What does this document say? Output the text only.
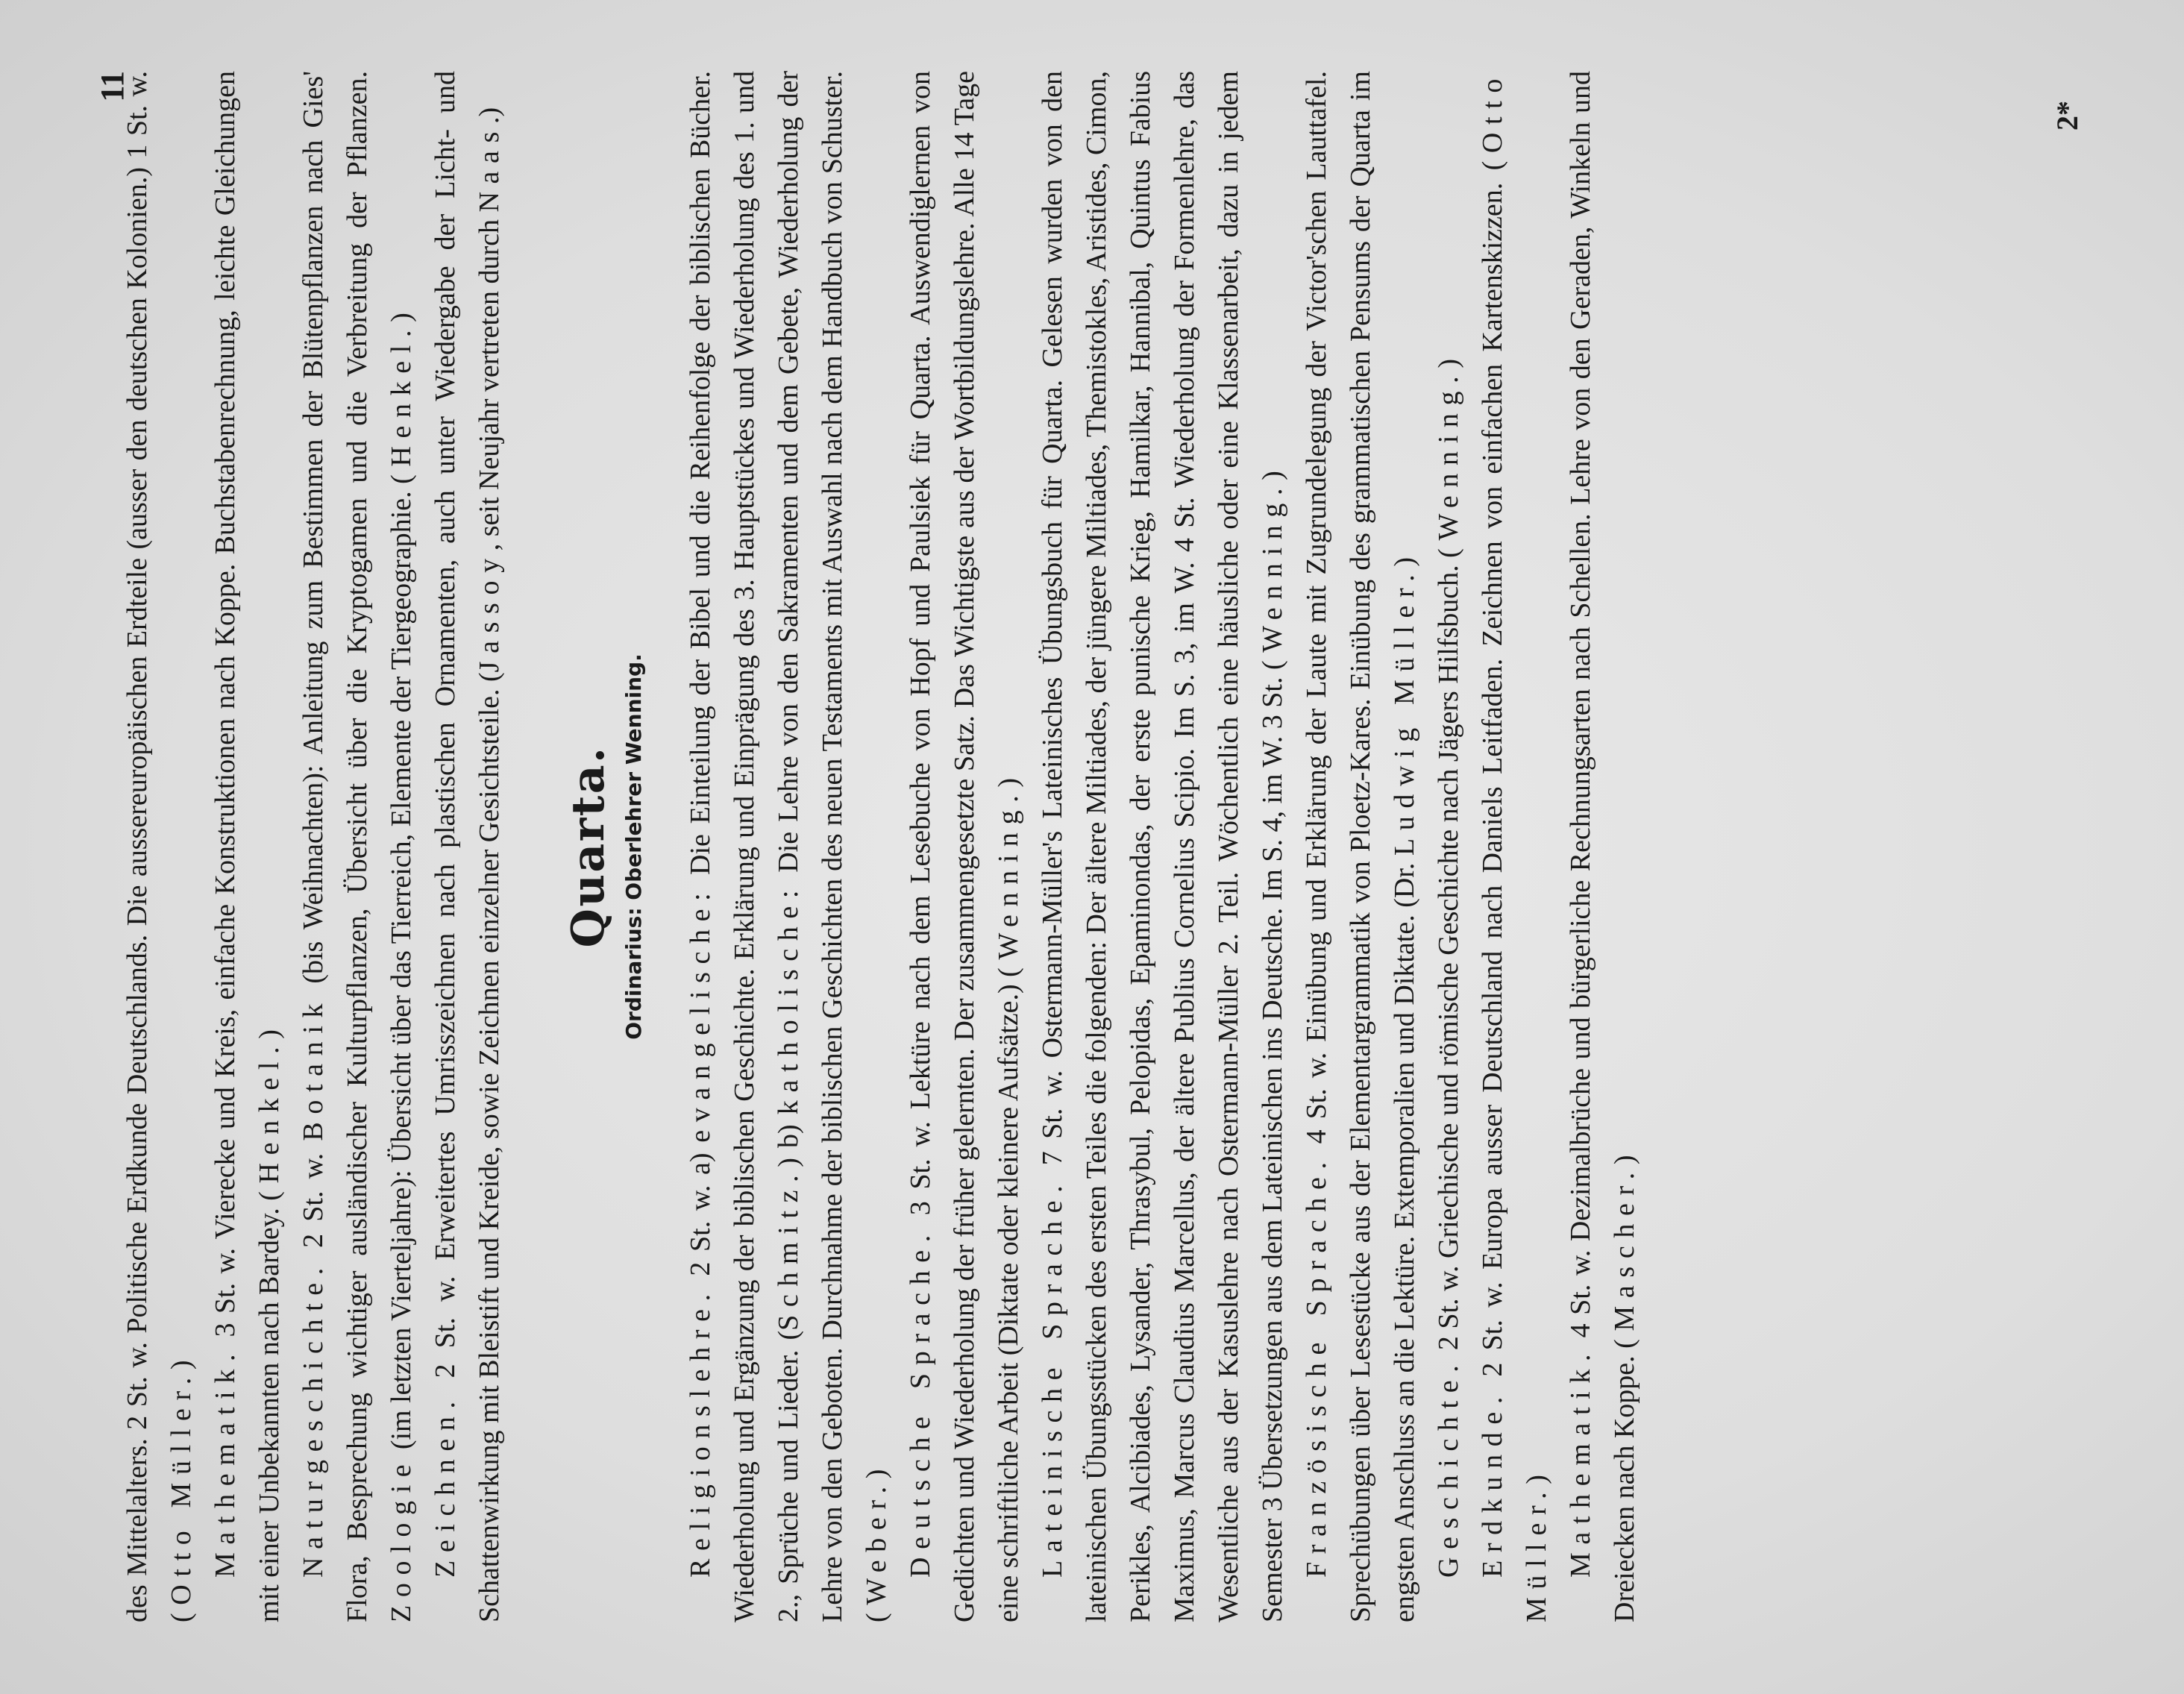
11

des Mittelalters. 2 St. w. Politische Erdkunde Deutschlands. Die aussereuropäischen Erdteile (ausser den deutschen Kolonien.) 1 St. w. (Otto Müller.) Mathematik. 3 St. w. Vierecke und Kreis, einfache Konstruktionen nach Koppe. Buchstabenrechnung, leichte Gleichungen mit einer Unbekannten nach Bardey. (Henkel.)

Naturgeschichte. 2 St. w. Botanik (bis Weihnachten): Anleitung zum Bestimmen der Blütenpflanzen nach Gies' Flora, Besprechung wichtiger ausländischer Kulturpflanzen, Übersicht über die Kryptogamen und die Verbreitung der Pflanzen. Zoologie (im letzten Vierteljahre): Übersicht über das Tierreich, Elemente der Tiergeographie. (Henkel.)

Zeichnen. 2 St. w. Erweitertes Umrisszeichnen nach plastischen Ornamenten, auch unter Wiedergabe der Licht- und Schattenwirkung mit Bleistift und Kreide, sowie Zeichnen einzelner Gesichtsteile. (Jassoy, seit Neujahr vertreten durch Naas.)

Quarta. Ordinarius: Oberlehrer Wenning.

Religionslehre. 2 St. w. a) evangelische: Die Einteilung der Bibel und die Reihenfolge der biblischen Bücher. Wiederholung und Ergänzung der biblischen Geschichte. Erklärung und Einprägung des 3. Hauptstückes und Wiederholung des 1. und 2., Sprüche und Lieder. (Schmitz.) b) katholische: Die Lehre von den Sakramenten und dem Gebete, Wiederholung der Lehre von den Geboten. Durchnahme der biblischen Geschichten des neuen Testaments mit Auswahl nach dem Handbuch von Schuster. (Weber.) Deutsche Sprache. 3 St. w. Lektüre nach dem Lesebuche von Hopf und Paulsiek für Quarta. Auswendiglernen von Gedichten und Wiederholung der früher gelernten. Der zusammengesetzte Satz. Das Wichtigste aus der Wortbildungslehre. Alle 14 Tage eine schriftliche Arbeit (Diktate oder kleinere Aufsätze.) (Wenning.)

Lateinische Sprache. 7 St. w. Ostermann-Müller's Lateinisches Übungsbuch für Quarta. Gelesen wurden von den lateinischen Übungsstücken des ersten Teiles die folgenden: Der ältere Miltiades, der jüngere Miltiades, Themistokles, Aristides, Cimon, Perikles, Alcibiades, Lysander, Thrasybul, Pelopidas, Epaminondas, der erste punische Krieg, Hamilkar, Hannibal, Quintus Fabius Maximus, Marcus Claudius Marcellus, der ältere Publius Cornelius Scipio. Im S. 3, im W. 4 St. Wiederholung der Formenlehre, das Wesentliche aus der Kasuslehre nach Ostermann-Müller 2. Teil. Wöchentlich eine häusliche oder eine Klassenarbeit, dazu in jedem Semester 3 Übersetzungen aus dem Lateinischen ins Deutsche. Im S. 4, im W. 3 St. (Wenning.)

Französische Sprache. 4 St. w. Einübung und Erklärung der Laute mit Zugrundelegung der Victor'schen Lauttafel. Sprechübungen über Lesestücke aus der Elementargrammatik von Ploetz-Kares. Einübung des grammatischen Pensums der Quarta im engsten Anschluss an die Lektüre. Extemporalien und Diktate. (Dr. Ludwig Müller.)

Geschichte. 2 St. w. Griechische und römische Geschichte nach Jägers Hilfsbuch. (Wenning.)

Erdkunde. 2 St. w. Europa ausser Deutschland nach Daniels Leitfaden. Zeichnen von einfachen Kartenskizzen. (Otto Müller.) Mathematik. 4 St. w. Dezimalbrüche und bürgerliche Rechnungsarten nach Schellen. Lehre von den Geraden, Winkeln und Dreiecken nach Koppe. (Mascher.)

2*
